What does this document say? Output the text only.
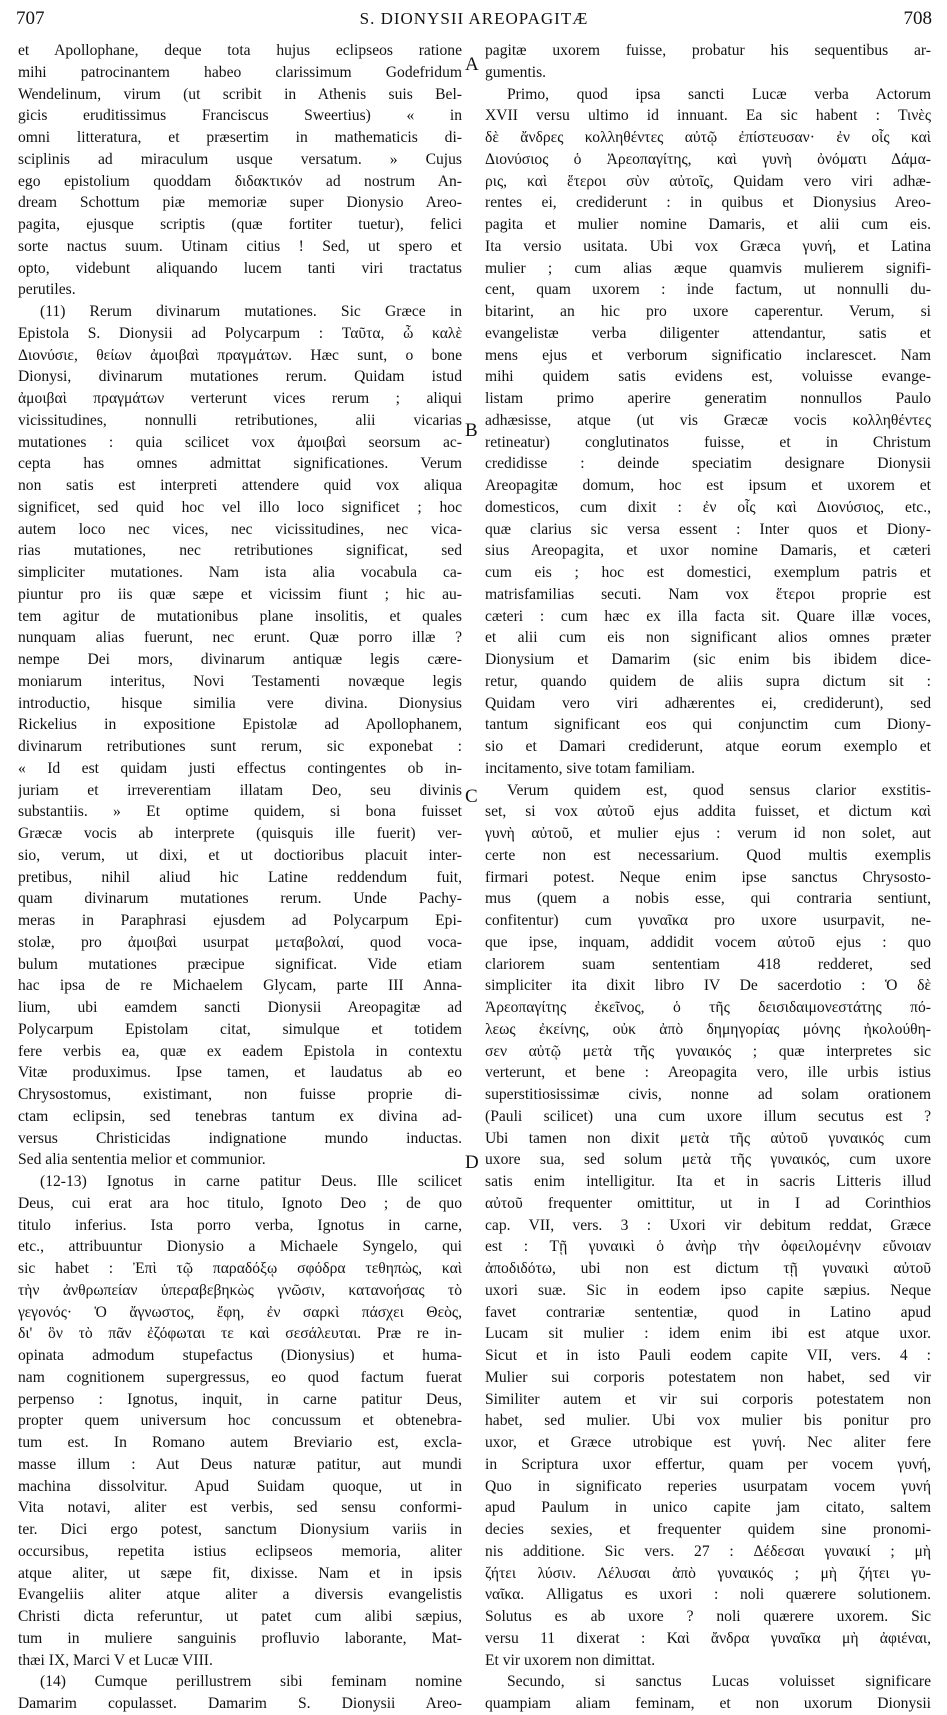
707	S. DIONYSII AREOPAGITÆ	708
et Apollophane, deque tota hujus eclipseos ratione
mihi patrocinantem habeo clarissimum Godefridum
Wendelinum, virum (ut scribit in Athenis suis Bel-
gicis eruditissimus Franciscus Sweertius) « in
omni litteratura, et præsertim in mathematicis di-
sciplinis ad miraculum usque versatum. » Cujus
ego epistolium quoddam διδακτικόν ad nostrum An-
dream Schottum piæ memoriæ super Dionysio Areo-
pagita, ejusque scriptis (quæ fortiter tuetur), felici
sorte nactus suum. Utinam citius ! Sed, ut spero et
opto, videbunt aliquando lucem tanti viri tractatus
perutiles.
(11) Rerum divinarum mutationes. Sic Græce in
Epistola S. Dionysii ad Polycarpum : Ταῦτα, ὦ καλὲ
Διονύσιε, θείων ἀμοιβαὶ πραγμάτων. Hæc sunt, o bone
Dionysi, divinarum mutationes rerum. Quidam istud
ἀμοιβαὶ πραγμάτων verterunt vices rerum ; aliqui
vicissitudines, nonnulli retributiones, alii vicarias
mutationes : quia scilicet vox ἀμοιβαὶ seorsum ac-
cepta has omnes admittat significationes. Verum
non satis est interpreti attendere quid vox aliqua
significet, sed quid hoc vel illo loco significet ; hoc
autem loco nec vices, nec vicissitudines, nec vica-
rias mutationes, nec retributiones significat, sed
simpliciter mutationes. Nam ista alia vocabula ca-
piuntur pro iis quæ sæpe et vicissim fiunt ; hic au-
tem agitur de mutationibus plane insolitis, et quales
nunquam alias fuerunt, nec erunt. Quæ porro illæ ?
nempe Dei mors, divinarum antiquæ legis cære-
moniarum interitus, Novi Testamenti novæque legis
introductio, hisque similia vere divina. Dionysius
Rickelius in expositione Epistolæ ad Apollophanem,
divinarum retributiones sunt rerum, sic exponebat :
« Id est quidam justi effectus contingentes ob in-
juriam et irreverentiam illatam Deo, seu divinis
substantiis. » Et optime quidem, si bona fuisset
Græcæ vocis ab interprete (quisquis ille fuerit) ver-
sio, verum, ut dixi, et ut doctioribus placuit inter-
pretibus, nihil aliud hic Latine reddendum fuit,
quam divinarum mutationes rerum. Unde Pachy-
meras in Paraphrasi ejusdem ad Polycarpum Epi-
stolæ, pro ἀμοιβαὶ usurpat μεταβολαί, quod voca-
bulum mutationes præcipue significat. Vide etiam
hac ipsa de re Michaelem Glycam, parte III Anna-
lium, ubi eamdem sancti Dionysii Areopagitæ ad
Polycarpum Epistolam citat, simulque et totidem
fere verbis ea, quæ ex eadem Epistola in contextu
Vitæ produximus. Ipse tamen, et laudatus ab eo
Chrysostomus, existimant, non fuisse proprie di-
ctam eclipsin, sed tenebras tantum ex divina ad-
versus Christicidas indignatione mundo inductas.
Sed alia sententia melior et communior.
(12-13) Ignotus in carne patitur Deus. Ille scilicet
Deus, cui erat ara hoc titulo, Ignoto Deo ; de quo
titulo inferius. Ista porro verba, Ignotus in carne,
etc., attribuuntur Dionysio a Michaele Syngelo, qui
sic habet : Ἐπὶ τῷ παραδόξῳ σφόδρα τεθηπὼς, καὶ
τὴν ἀνθρωπείαν ὑπεραβεβηκὼς γνῶσιν, κατανοήσας τὸ
γεγονός· Ὁ ἄγνωστος, ἔφη, ἐν σαρκὶ πάσχει Θεὸς,
δι' ὃν τὸ πᾶν ἐζόφωται τε καὶ σεσάλευται. Præ re in-
opinata admodum stupefactus (Dionysius) et huma-
nam cognitionem supergressus, eo quod factum fuerat
perpenso : Ignotus, inquit, in carne patitur Deus,
propter quem universum hoc concussum et obtenebra-
tum est. In Romano autem Breviario est, excla-
masse illum : Aut Deus naturæ patitur, aut mundi
machina dissolvitur. Apud Suidam quoque, ut in
Vita notavi, aliter est verbis, sed sensu conformi-
ter. Dici ergo potest, sanctum Dionysium variis in
occursibus, repetita istius eclipseos memoria, aliter
atque aliter, ut sæpe fit, dixisse. Nam et in ipsis
Evangeliis aliter atque aliter a diversis evangelistis
Christi dicta referuntur, ut patet cum alibi sæpius,
tum in muliere sanguinis profluvio laborante, Mat-
thæi IX, Marci V et Lucæ VIII.
(14) Cumque perillustrem sibi feminam nomine
Damarim copulasset. Damarim S. Dionysii Areo-
pagitæ uxorem fuisse, probatur his sequentibus ar-
gumentis.
Primo, quod ipsa sancti Lucæ verba Actorum
XVII versu ultimo id innuant. Ea sic habent : Τινὲς
δὲ ἄνδρες κολληθέντες αὐτῷ ἐπίστευσαν· ἐν οἷς καὶ
Διονύσιος ὁ Ἀρεοπαγίτης, καὶ γυνὴ ὀνόματι Δάμα-
ρις, καὶ ἕτεροι σὺν αὐτοῖς, Quidam vero viri adhæ-
rentes ei, crediderunt : in quibus et Dionysius Areo-
pagita et mulier nomine Damaris, et alii cum eis.
Ita versio usitata. Ubi vox Græca γυνή, et Latina
mulier ; cum alias æque quamvis mulierem signifi-
cent, quam uxorem : inde factum, ut nonnulli du-
bitarint, an hic pro uxore caperentur. Verum, si
evangelistæ verba diligenter attendantur, satis et
mens ejus et verborum significatio inclarescet. Nam
mihi quidem satis evidens est, voluisse evange-
listam primo aperire generatim nonnullos Paulo
adhæsisse, atque (ut vis Græcæ vocis κολληθέντες
retineatur) conglutinatos fuisse, et in Christum
credidisse : deinde speciatim designare Dionysii
Areopagitæ domum, hoc est ipsum et uxorem et
domesticos, cum dixit : ἐν οἷς καὶ Διονύσιος, etc.,
quæ clarius sic versa essent : Inter quos et Diony-
sius Areopagita, et uxor nomine Damaris, et cæteri
cum eis ; hoc est domestici, exemplum patris et
matrisfamilias secuti. Nam vox ἕτεροι proprie est
cæteri : cum hæc ex illa facta sit. Quare illæ voces,
et alii cum eis non significant alios omnes præter
Dionysium et Damarim (sic enim bis ibidem dice-
retur, quando quidem de aliis supra dictum sit :
Quidam vero viri adhærentes ei, crediderunt), sed
tantum significant eos qui conjunctim cum Diony-
sio et Damari crediderunt, atque eorum exemplo et
incitamento, sive totam familiam.
Verum quidem est, quod sensus clarior exstitis-
set, si vox αὐτοῦ ejus addita fuisset, et dictum καὶ
γυνὴ αὐτοῦ, et mulier ejus : verum id non solet, aut
certe non est necessarium. Quod multis exemplis
firmari potest. Neque enim ipse sanctus Chrysosto-
mus (quem a nobis esse, qui contraria sentiunt,
confitentur) cum γυναῖκα pro uxore usurpavit, ne-
que ipse, inquam, addidit vocem αὐτοῦ ejus : quo
clariorem suam sententiam 418 redderet, sed
simpliciter ita dixit libro IV De sacerdotio : Ὁ δὲ
Ἀρεοπαγίτης ἐκεῖνος, ὁ τῆς δεισιδαιμονεστάτης πό-
λεως ἐκείνης, οὐκ ἀπὸ δημηγορίας μόνης ἠκολούθη-
σεν αὐτῷ μετὰ τῆς γυναικός ; quæ interpretes sic
verterunt, et bene : Areopagita vero, ille urbis istius
superstitiosissimæ civis, nonne ad solam orationem
(Pauli scilicet) una cum uxore illum secutus est ?
Ubi tamen non dixit μετὰ τῆς αὐτοῦ γυναικός cum
uxore sua, sed solum μετὰ τῆς γυναικός, cum uxore
satis enim intelligitur. Ita et in sacris Litteris illud
αὐτοῦ frequenter omittitur, ut in I ad Corinthios
cap. VII, vers. 3 : Uxori vir debitum reddat, Græce
est : Τῇ γυναικὶ ὁ ἀνὴρ τὴν ὀφειλομένην εὔνοιαν
ἀποδιδότω, ubi non est dictum τῇ γυναικὶ αὐτοῦ
uxori suæ. Sic in eodem ipso capite sæpius. Neque
favet contrariæ sententiæ, quod in Latino apud
Lucam sit mulier : idem enim ibi est atque uxor.
Sicut et in isto Pauli eodem capite VII, vers. 4 :
Mulier sui corporis potestatem non habet, sed vir
Similiter autem et vir sui corporis potestatem non
habet, sed mulier. Ubi vox mulier bis ponitur pro
uxor, et Græce utrobique est γυνή. Nec aliter fere
in Scriptura uxor effertur, quam per vocem γυνή,
Quo in significato reperies usurpatam vocem γυνή
apud Paulum in unico capite jam citato, saltem
decies sexies, et frequenter quidem sine pronomi-
nis additione. Sic vers. 27 : Δέδεσαι γυναικί ; μὴ
ζήτει λύσιν. Λέλυσαι ἀπὸ γυναικός ; μὴ ζήτει γυ-
ναῖκα. Alligatus es uxori : noli quærere solutionem.
Solutus es ab uxore ? noli quærere uxorem. Sic
versu 11 dixerat : Καὶ ἄνδρα γυναῖκα μὴ ἀφιέναι,
Et vir uxorem non dimittat.
Secundo, si sanctus Lucas voluisset significare
quampiam aliam feminam, et non uxorum Dionysii
A
B
C
D
